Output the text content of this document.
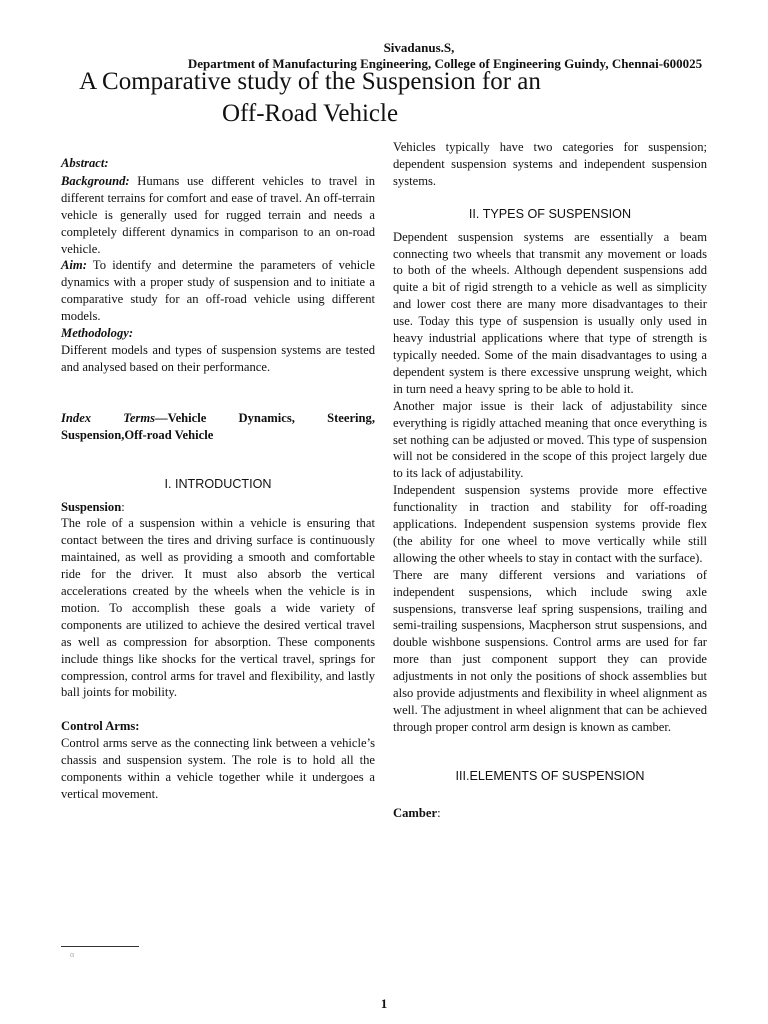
Sivadanus.S,
Department of Manufacturing Engineering, College of Engineering Guindy, Chennai-600025
A Comparative study of the Suspension for an
Off-Road Vehicle

Abstract:

Background: Humans use different vehicles to travel in different terrains for comfort and ease of travel. An off-terrain vehicle is generally used for rugged terrain and needs a completely different dynamics in comparison to an on-road vehicle.

Aim: To identify and determine the parameters of vehicle dynamics with a proper study of suspension and to initiate a comparative study for an off-road vehicle using different models.

Methodology:

Different models and types of suspension systems are tested and analysed based on their performance.

Index Terms—Vehicle Dynamics, Steering, Suspension,Off-road Vehicle

I. INTRODUCTION

Suspension:

The role of a suspension within a vehicle is ensuring that contact between the tires and driving surface is continuously maintained, as well as providing a smooth and comfortable ride for the driver. It must also absorb the vertical accelerations created by the wheels when the vehicle is in motion. To accomplish these goals a wide variety of components are utilized to achieve the desired vertical travel as well as compression for absorption. These components include things like shocks for the vertical travel, springs for compression, control arms for travel and flexibility, and lastly ball joints for mobility.

Control Arms:

Control arms serve as the connecting link between a vehicle’s chassis and suspension system. The role is to hold all the components within a vehicle together while it undergoes a vertical movement.

Vehicles typically have two categories for suspension; dependent suspension systems and independent suspension systems.

II. TYPES OF SUSPENSION

Dependent suspension systems are essentially a beam connecting two wheels that transmit any movement or loads to both of the wheels. Although dependent suspensions add quite a bit of rigid strength to a vehicle as well as simplicity and lower cost there are many more disadvantages to their use. Today this type of suspension is usually only used in heavy industrial applications where that type of strength is typically needed. Some of the main disadvantages to using a dependent system is there excessive unsprung weight, which in turn need a heavy spring to be able to hold it.

Another major issue is their lack of adjustability since everything is rigidly attached meaning that once everything is set nothing can be adjusted or moved. This type of suspension will not be considered in the scope of this project largely due to its lack of adjustability.

Independent suspension systems provide more effective functionality in traction and stability for off-roading applications. Independent suspension systems provide flex (the ability for one wheel to move vertically while still allowing the other wheels to stay in contact with the surface).

There are many different versions and variations of independent suspensions, which include swing axle suspensions, transverse leaf spring suspensions, trailing and semi-trailing suspensions, Macpherson strut suspensions, and double wishbone suspensions. Control arms are used for far more than just component support they can provide adjustments in not only the positions of shock assemblies but also provide adjustments and flexibility in wheel alignment as well. The adjustment in wheel alignment that can be achieved through proper control arm design is known as camber.

III.ELEMENTS OF SUSPENSION

Camber:

α
1
